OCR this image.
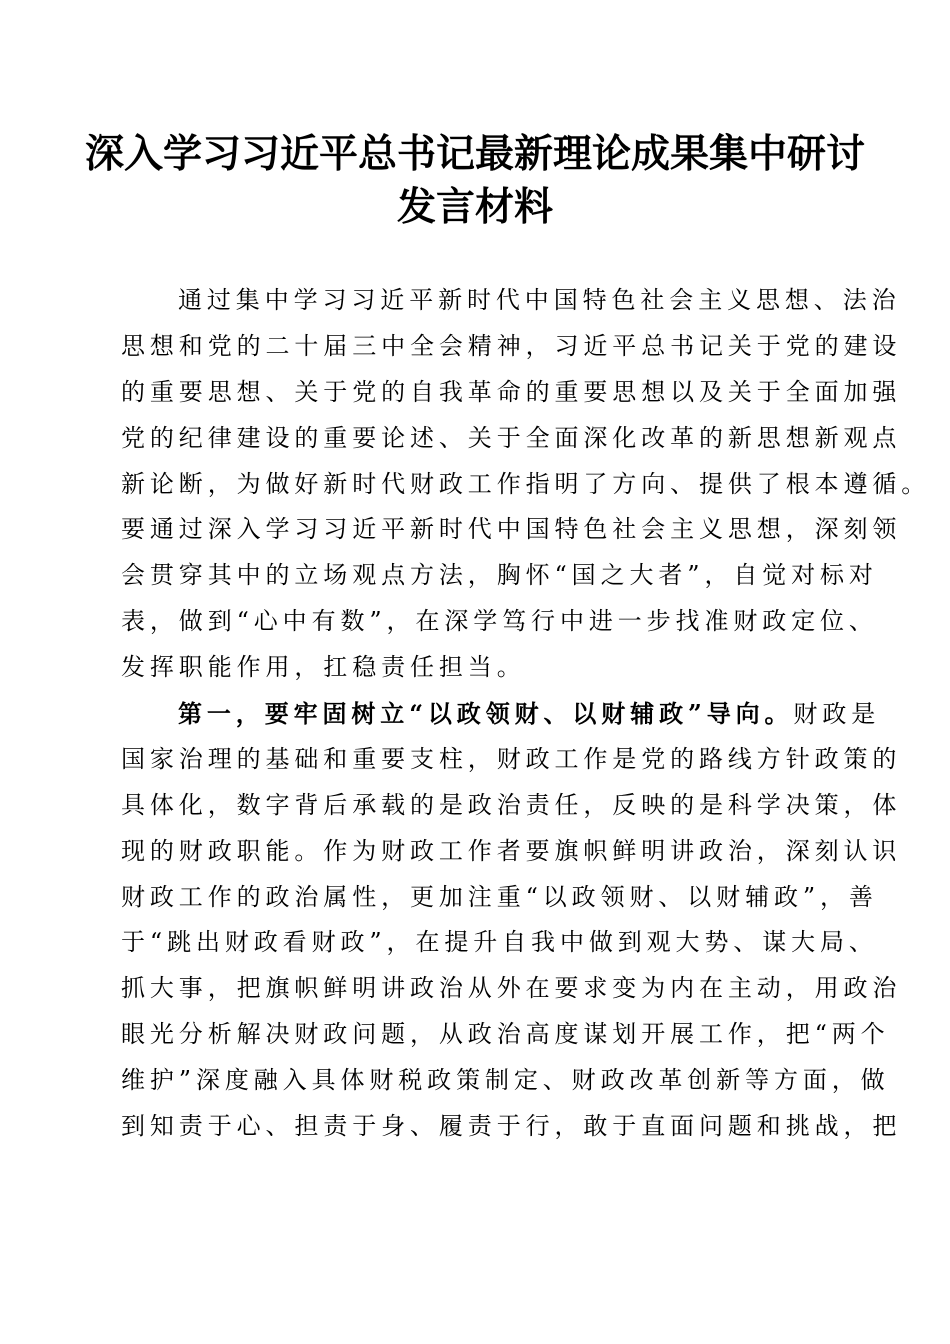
深入学习习近平总书记最新理论成果集中研讨
发言材料
通过集中学习习近平新时代中国特色社会主义思想、法治
思想和党的二十届三中全会精神，习近平总书记关于党的建设
的重要思想、关于党的自我革命的重要思想以及关于全面加强
党的纪律建设的重要论述、关于全面深化改革的新思想新观点
新论断，为做好新时代财政工作指明了方向、提供了根本遵循。
要通过深入学习习近平新时代中国特色社会主义思想，深刻领
会贯穿其中的立场观点方法，胸怀“国之大者”，自觉对标对
表，做到“心中有数”，在深学笃行中进一步找准财政定位、
发挥职能作用，扛稳责任担当。
第一，要牢固树立“以政领财、以财辅政”导向。财政是
国家治理的基础和重要支柱，财政工作是党的路线方针政策的
具体化，数字背后承载的是政治责任，反映的是科学决策，体
现的财政职能。作为财政工作者要旗帜鲜明讲政治，深刻认识
财政工作的政治属性，更加注重“以政领财、以财辅政”，善
于“跳出财政看财政”，在提升自我中做到观大势、谋大局、
抓大事，把旗帜鲜明讲政治从外在要求变为内在主动，用政治
眼光分析解决财政问题，从政治高度谋划开展工作，把“两个
维护”深度融入具体财税政策制定、财政改革创新等方面，做
到知责于心、担责于身、履责于行，敢于直面问题和挑战，把
